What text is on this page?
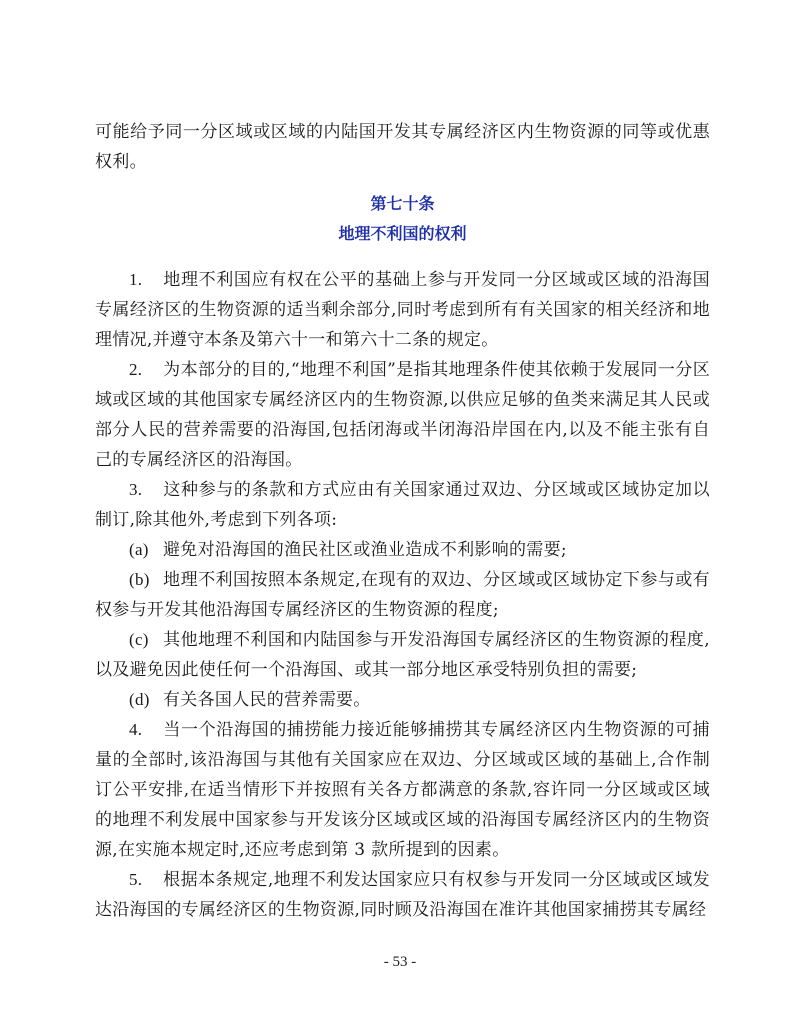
可能给予同一分区域或区域的内陆国开发其专属经济区内生物资源的同等或优惠权利。

第七十条

地理不利国的权利

1. 地理不利国应有权在公平的基础上参与开发同一分区域或区域的沿海国专属经济区的生物资源的适当剩余部分,同时考虑到所有有关国家的相关经济和地理情况,并遵守本条及第六十一和第六十二条的规定。

2. 为本部分的目的,“地理不利国”是指其地理条件使其依赖于发展同一分区域或区域的其他国家专属经济区内的生物资源,以供应足够的鱼类来满足其人民或部分人民的营养需要的沿海国,包括闭海或半闭海沿岸国在内,以及不能主张有自己的专属经济区的沿海国。

3. 这种参与的条款和方式应由有关国家通过双边、分区域或区域协定加以制订,除其他外,考虑到下列各项:

(a) 避免对沿海国的渔民社区或渔业造成不利影响的需要;

(b) 地理不利国按照本条规定,在现有的双边、分区域或区域协定下参与或有权参与开发其他沿海国专属经济区的生物资源的程度;

(c) 其他地理不利国和内陆国参与开发沿海国专属经济区的生物资源的程度,以及避免因此使任何一个沿海国、或其一部分地区承受特别负担的需要;

(d) 有关各国人民的营养需要。

4. 当一个沿海国的捕捞能力接近能够捕捞其专属经济区内生物资源的可捕量的全部时,该沿海国与其他有关国家应在双边、分区域或区域的基础上,合作制订公平安排,在适当情形下并按照有关各方都满意的条款,容许同一分区域或区域的地理不利发展中国家参与开发该分区域或区域的沿海国专属经济区内的生物资源,在实施本规定时,还应考虑到第 3 款所提到的因素。

5. 根据本条规定,地理不利发达国家应只有权参与开发同一分区域或区域发达沿海国的专属经济区的生物资源,同时顾及沿海国在准许其他国家捕捞其专属经

- 53 -
